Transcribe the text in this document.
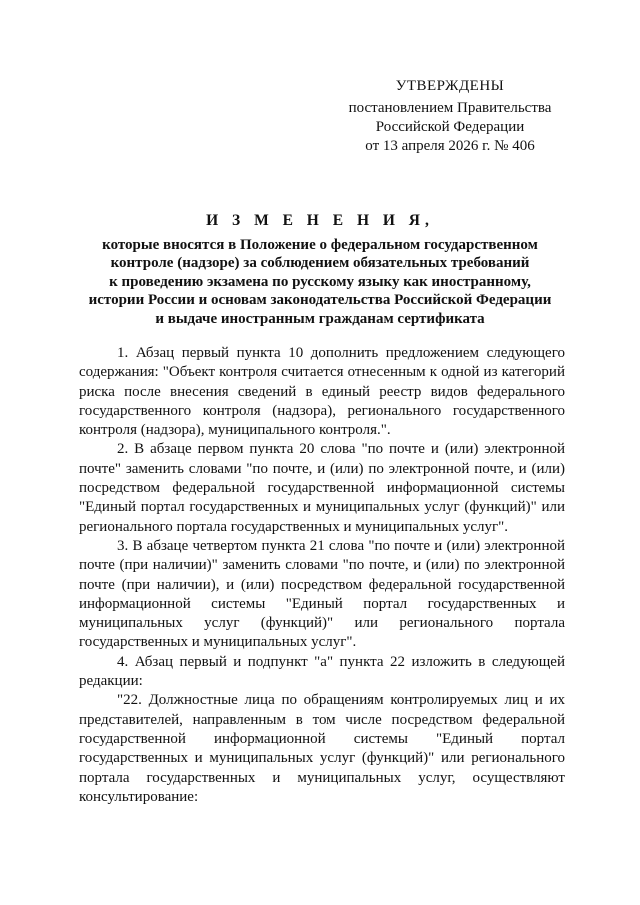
УТВЕРЖДЕНЫ
постановлением Правительства
Российской Федерации
от 13 апреля 2026 г. № 406
И З М Е Н Е Н И Я,
которые вносятся в Положение о федеральном государственном
контроле (надзоре) за соблюдением обязательных требований
к проведению экзамена по русскому языку как иностранному,
истории России и основам законодательства Российской Федерации
и выдаче иностранным гражданам сертификата

1. Абзац первый пункта 10 дополнить предложением следующего содержания: "Объект контроля считается отнесенным к одной из категорий риска после внесения сведений в единый реестр видов федерального государственного контроля (надзора), регионального государственного контроля (надзора), муниципального контроля.".

2. В абзаце первом пункта 20 слова "по почте и (или) электронной почте" заменить словами "по почте, и (или) по электронной почте, и (или) посредством федеральной государственной информационной системы "Единый портал государственных и муниципальных услуг (функций)" или регионального портала государственных и муниципальных услуг".

3. В абзаце четвертом пункта 21 слова "по почте и (или) электронной почте (при наличии)" заменить словами "по почте, и (или) по электронной почте (при наличии), и (или) посредством федеральной государственной информационной системы "Единый портал государственных и муниципальных услуг (функций)" или регионального портала государственных и муниципальных услуг".

4. Абзац первый и подпункт "а" пункта 22 изложить в следующей редакции:

"22. Должностные лица по обращениям контролируемых лиц и их представителей, направленным в том числе посредством федеральной государственной информационной системы "Единый портал государственных и муниципальных услуг (функций)" или регионального портала государственных и муниципальных услуг, осуществляют консультирование:
